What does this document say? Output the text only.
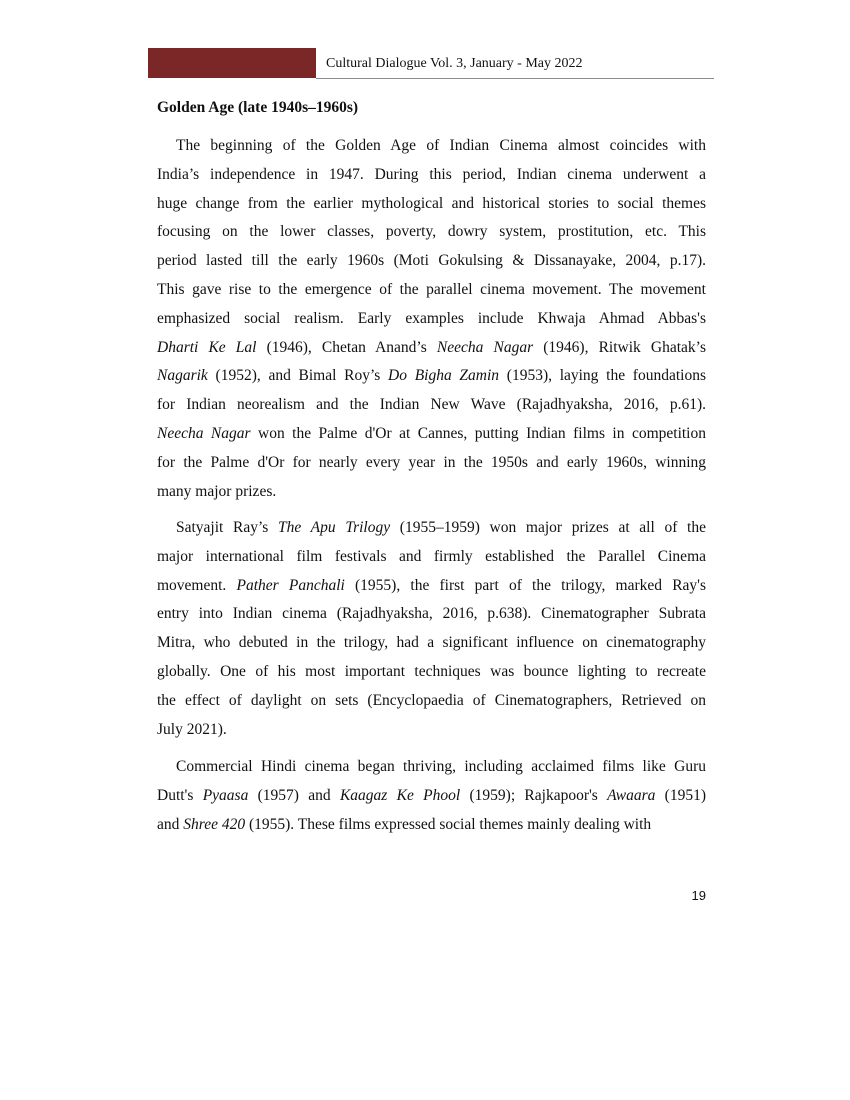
Cultural Dialogue Vol. 3, January - May 2022
Golden Age (late 1940s–1960s)
The beginning of the Golden Age of Indian Cinema almost coincides with
India’s independence in 1947. During this period, Indian cinema underwent a
huge change from the earlier mythological and historical stories to social themes
focusing on the lower classes, poverty, dowry system, prostitution, etc. This
period lasted till the early 1960s (Moti Gokulsing & Dissanayake, 2004, p.17).
This gave rise to the emergence of the parallel cinema movement. The movement
emphasized social realism. Early examples include Khwaja Ahmad Abbas's
Dharti Ke Lal (1946), Chetan Anand’s Neecha Nagar (1946), Ritwik Ghatak’s
Nagarik (1952), and Bimal Roy’s Do Bigha Zamin (1953), laying the foundations
for Indian neorealism and the Indian New Wave (Rajadhyaksha, 2016, p.61).
Neecha Nagar won the Palme d'Or at Cannes, putting Indian films in competition
for the Palme d'Or for nearly every year in the 1950s and early 1960s, winning
many major prizes.
Satyajit Ray’s The Apu Trilogy (1955–1959) won major prizes at all of the
major international film festivals and firmly established the Parallel Cinema
movement. Pather Panchali (1955), the first part of the trilogy, marked Ray's
entry into Indian cinema (Rajadhyaksha, 2016, p.638). Cinematographer Subrata
Mitra, who debuted in the trilogy, had a significant influence on cinematography
globally. One of his most important techniques was bounce lighting to recreate
the effect of daylight on sets (Encyclopaedia of Cinematographers, Retrieved on
July 2021).
Commercial Hindi cinema began thriving, including acclaimed films like Guru
Dutt's Pyaasa (1957) and Kaagaz Ke Phool (1959); Rajkapoor's Awaara (1951)
and Shree 420 (1955). These films expressed social themes mainly dealing with
19
